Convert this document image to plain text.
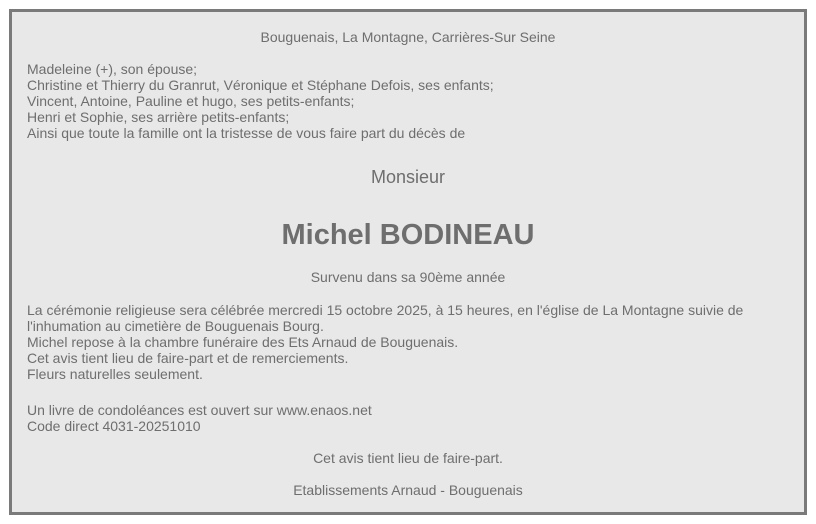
Bouguenais, La Montagne, Carrières-Sur Seine
Madeleine (+), son épouse;
Christine et Thierry du Granrut, Véronique et Stéphane Defois, ses enfants;
Vincent, Antoine, Pauline et hugo, ses petits-enfants;
Henri et Sophie, ses arrière petits-enfants;
Ainsi que toute la famille ont la tristesse de vous faire part du décès de
Monsieur
Michel BODINEAU
Survenu dans sa 90ème année
La cérémonie religieuse sera célébrée mercredi 15 octobre 2025, à 15 heures, en l'église de La Montagne suivie de l'inhumation au cimetière de Bouguenais Bourg.
Michel repose à la chambre funéraire des Ets Arnaud de Bouguenais.
Cet avis tient lieu de faire-part et de remerciements.
Fleurs naturelles seulement.
Un livre de condoléances est ouvert sur www.enaos.net
Code direct 4031-20251010
Cet avis tient lieu de faire-part.
Etablissements Arnaud - Bouguenais
